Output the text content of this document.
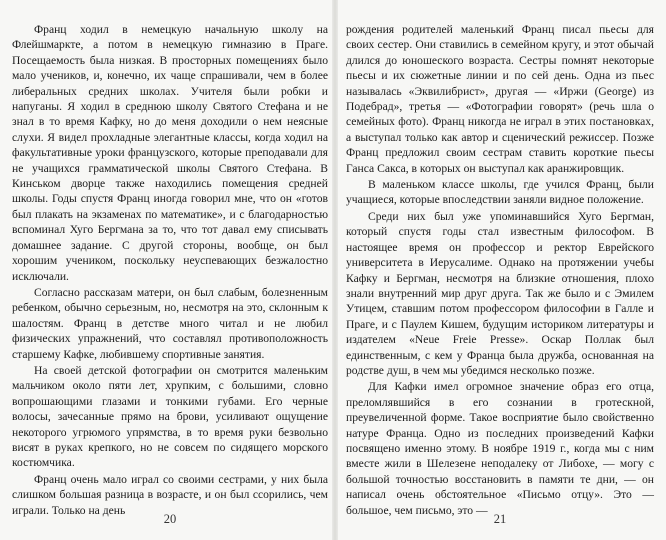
Франц ходил в немецкую начальную школу на Флейшмаркте, а потом в немецкую гимназию в Праге. Посещаемость была низкая. В просторных помещениях было мало учеников, и, конечно, их чаще спрашивали, чем в более либеральных средних школах. Учителя были робки и напуганы. Я ходил в среднюю школу Святого Стефана и не знал в то время Кафку, но до меня доходили о нем неясные слухи. Я видел прохладные элегантные классы, когда ходил на факультативные уроки французского, которые преподавали для не учащихся грамматической школы Святого Стефана. В Кинськом дворце также находились помещения средней школы. Годы спустя Франц иногда говорил мне, что он «готов был плакать на экзаменах по математике», и с благодарностью вспоминал Хуго Бергмана за то, что тот давал ему списывать домашнее задание. С другой стороны, вообще, он был хорошим учеником, поскольку неуспевающих безжалостно исключали.

Согласно рассказам матери, он был слабым, болезненным ребенком, обычно серьезным, но, несмотря на это, склонным к шалостям. Франц в детстве много читал и не любил физических упражнений, что составлял противоположность старшему Кафке, любившему спортивные занятия.

На своей детской фотографии он смотрится маленьким мальчиком около пяти лет, хрупким, с большими, словно вопрошающими глазами и тонкими губами. Его черные волосы, зачесанные прямо на брови, усиливают ощущение некоторого угрюмого упрямства, в то время руки безвольно висят в руках крепкого, но не совсем по сидящего морского костюмчика.

Франц очень мало играл со своими сестрами, у них была слишком большая разница в возрасте, и он был ссорились, чем играли. Только на день

20

рождения родителей маленький Франц писал пьесы для своих сестер. Они ставились в семейном кругу, и этот обычай длился до юношеского возраста. Сестры помнят некоторые пьесы и их сюжетные линии и по сей день. Одна из пьес называлась «Эквилибрист», другая — «Иржи (George) из Подебрад», третья — «Фотографии говорят» (речь шла о семейных фото). Франц никогда не играл в этих постановках, а выступал только как автор и сценический режиссер. Позже Франц предложил своим сестрам ставить короткие пьесы Ганса Сакса, в которых он выступал как аранжировщик.

В маленьком классе школы, где учился Франц, были учащиеся, которые впоследствии заняли видное положение.

Среди них был уже упоминавшийся Хуго Бергман, который спустя годы стал известным философом. В настоящее время он профессор и ректор Еврейского университета в Иерусалиме. Однако на протяжении учебы Кафку и Бергман, несмотря на близкие отношения, плохо знали внутренний мир друг друга. Так же было и с Эмилем Утицем, ставшим потом профессором философии в Галле и Праге, и с Паулем Кишем, будущим историком литературы и издателем «Neue Freie Presse». Оскар Поллак был единственным, с кем у Франца была дружба, основанная на родстве душ, в чем мы убедимся несколько позже.

Для Кафки имел огромное значение образ его отца, преломлявшийся в его сознании в гротескной, преувеличенной форме. Такое восприятие было свойственно натуре Франца. Одно из последних произведений Кафки посвящено именно этому. В ноябре 1919 г., когда мы с ним вместе жили в Шелезене неподалеку от Либохе, — могу с большой точностью восстановить в памяти те дни, — он написал очень обстоятельное «Письмо отцу». Это — большое, чем письмо, это —

21
